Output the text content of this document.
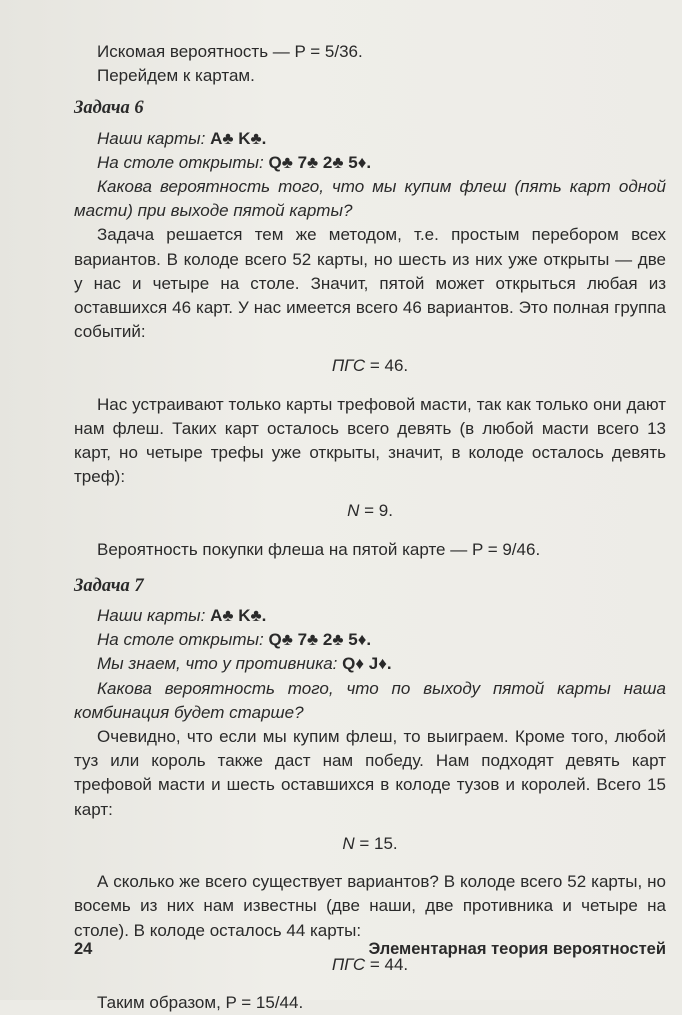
Искомая вероятность — P = 5/36.

Перейдем к картам.

Задача 6

Наши карты: A♣ K♣.

На столе открыты: Q♣ 7♣ 2♣ 5♦.

Какова вероятность того, что мы купим флеш (пять карт одной масти) при выходе пятой карты?

Задача решается тем же методом, т.е. простым перебором всех вариантов. В колоде всего 52 карты, но шесть из них уже открыты — две у нас и четыре на столе. Значит, пятой может открыться любая из оставшихся 46 карт. У нас имеется всего 46 вариантов. Это полная группа событий:

ПГС = 46.

Нас устраивают только карты трефовой масти, так как только они дают нам флеш. Таких карт осталось всего девять (в любой масти всего 13 карт, но четыре трефы уже открыты, значит, в колоде осталось девять треф):

N = 9.

Вероятность покупки флеша на пятой карте — P = 9/46.

Задача 7

Наши карты: A♣ K♣.

На столе открыты: Q♣ 7♣ 2♣ 5♦.

Мы знаем, что у противника: Q♦ J♦.

Какова вероятность того, что по выходу пятой карты наша комбинация будет старше?

Очевидно, что если мы купим флеш, то выиграем. Кроме того, любой туз или король также даст нам победу. Нам подходят девять карт трефовой масти и шесть оставшихся в колоде тузов и королей. Всего 15 карт:

N = 15.

А сколько же всего существует вариантов? В колоде всего 52 карты, но восемь из них нам известны (две наши, две противника и четыре на столе). В колоде осталось 44 карты:

ПГС = 44.

Таким образом, P = 15/44.

24	Элементарная теория вероятностей
